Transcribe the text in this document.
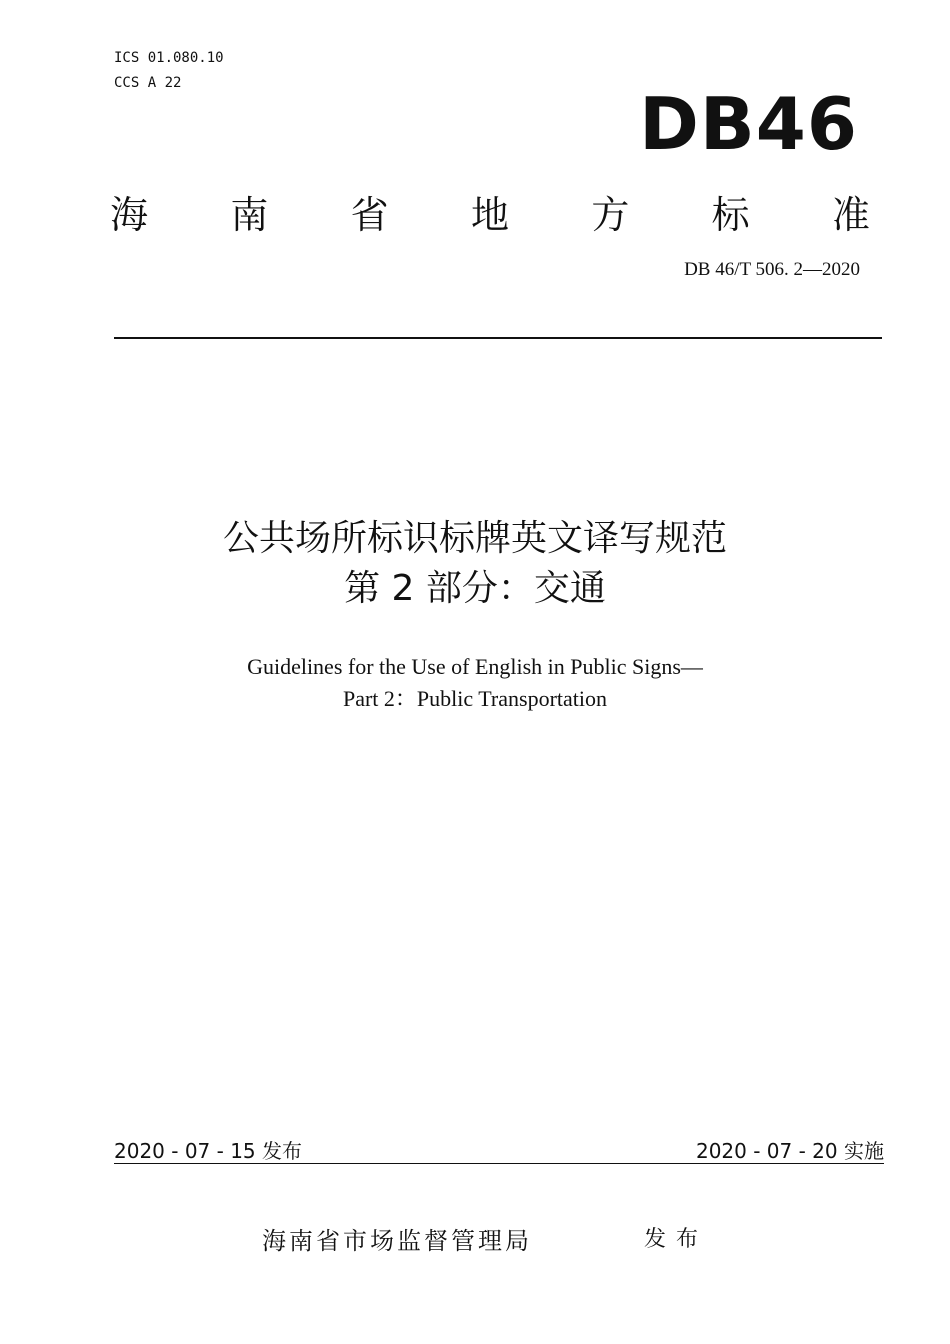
ICS 01.080.10
CCS A 22	DB46
海 南 省 地 方 标 准
DB 46/T 506. 2—2020
公共场所标识标牌英文译写规范
第 2 部分：交通
Guidelines for the Use of English in Public Signs—
Part 2：Public Transportation
2020 - 07 - 15 发布	2020 - 07 - 20 实施
海南省市场监督管理局	发布
